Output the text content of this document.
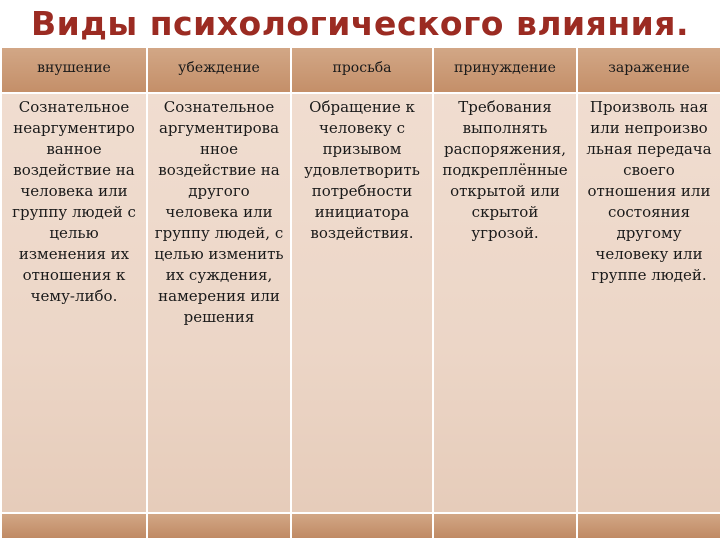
Виды психологического влияния.
внушение	убеждение	просьба	принуждение	заражение
Сознательное неаргументиро ванное воздействие на человека или группу людей с целью изменения их отношения к чему-либо.	Сознательное аргументирова нное воздействие на другого человека или группу людей, с целью изменить их суждения, намерения или решения	Обращение к человеку с призывом удовлетворить потребности инициатора воздействия.	Требования выполнять распоряжения, подкреплённые открытой или скрытой угрозой.	Произволь ная или непроизво льная передача своего отношения или состояния другому человеку или группе людей.
